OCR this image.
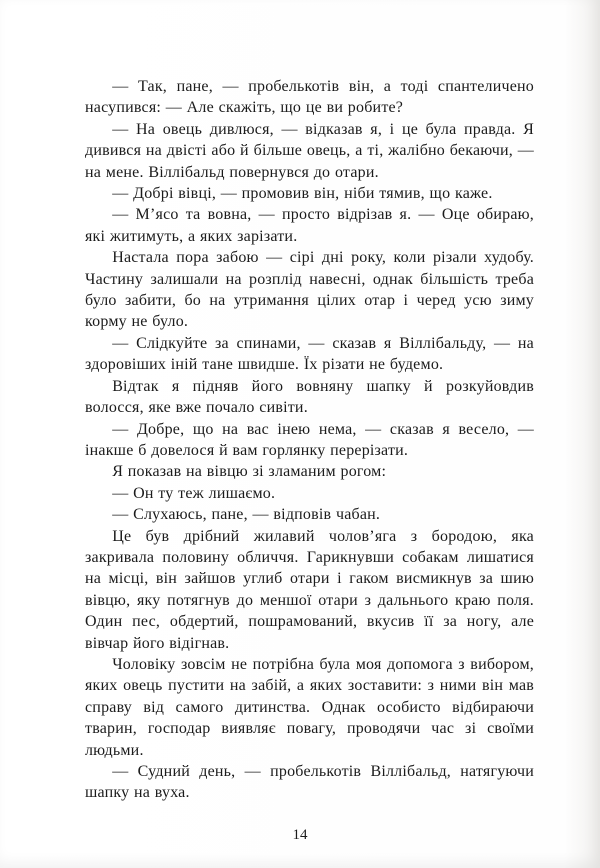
— Так, пане, — пробелькотів він, а тоді спантеличено насупився: — Але скажіть, що це ви робите?

— На овець дивлюся, — відказав я, і це була правда. Я дивився на двісті або й більше овець, а ті, жалібно бекаючи, — на мене. Віллібальд повернувся до отари.

— Добрі вівці, — промовив він, ніби тямив, що каже.

— Мʼясо та вовна, — просто відрізав я. — Оце обираю, які житимуть, а яких зарізати.

Настала пора забою — сірі дні року, коли різали худобу. Частину залишали на розплід навесні, однак більшість треба було забити, бо на утримання цілих отар і черед усю зиму корму не було.

— Слідкуйте за спинами, — сказав я Віллібальду, — на здоровіших іній тане швидше. Їх різати не будемо.

Відтак я підняв його вовняну шапку й розкуйовдив волосся, яке вже почало сивіти.

— Добре, що на вас інею нема, — сказав я весело, — інакше б довелося й вам горлянку перерізати.

Я показав на вівцю зі зламаним рогом:

— Он ту теж лишаємо.

— Слухаюсь, пане, — відповів чабан.

Це був дрібний жилавий чоловʼяга з бородою, яка закривала половину обличчя. Гарикнувши собакам лишатися на місці, він зайшов углиб отари і гаком висмикнув за шию вівцю, яку потягнув до меншої отари з дальнього краю поля. Один пес, обдертий, пошрамований, вкусив її за ногу, але вівчар його відігнав.

Чоловіку зовсім не потрібна була моя допомога з вибором, яких овець пустити на забій, а яких зоставити: з ними він мав справу від самого дитинства. Однак особисто відбираючи тварин, господар виявляє повагу, проводячи час зі своїми людьми.

— Судний день, — пробелькотів Віллібальд, натягуючи шапку на вуха.

14
